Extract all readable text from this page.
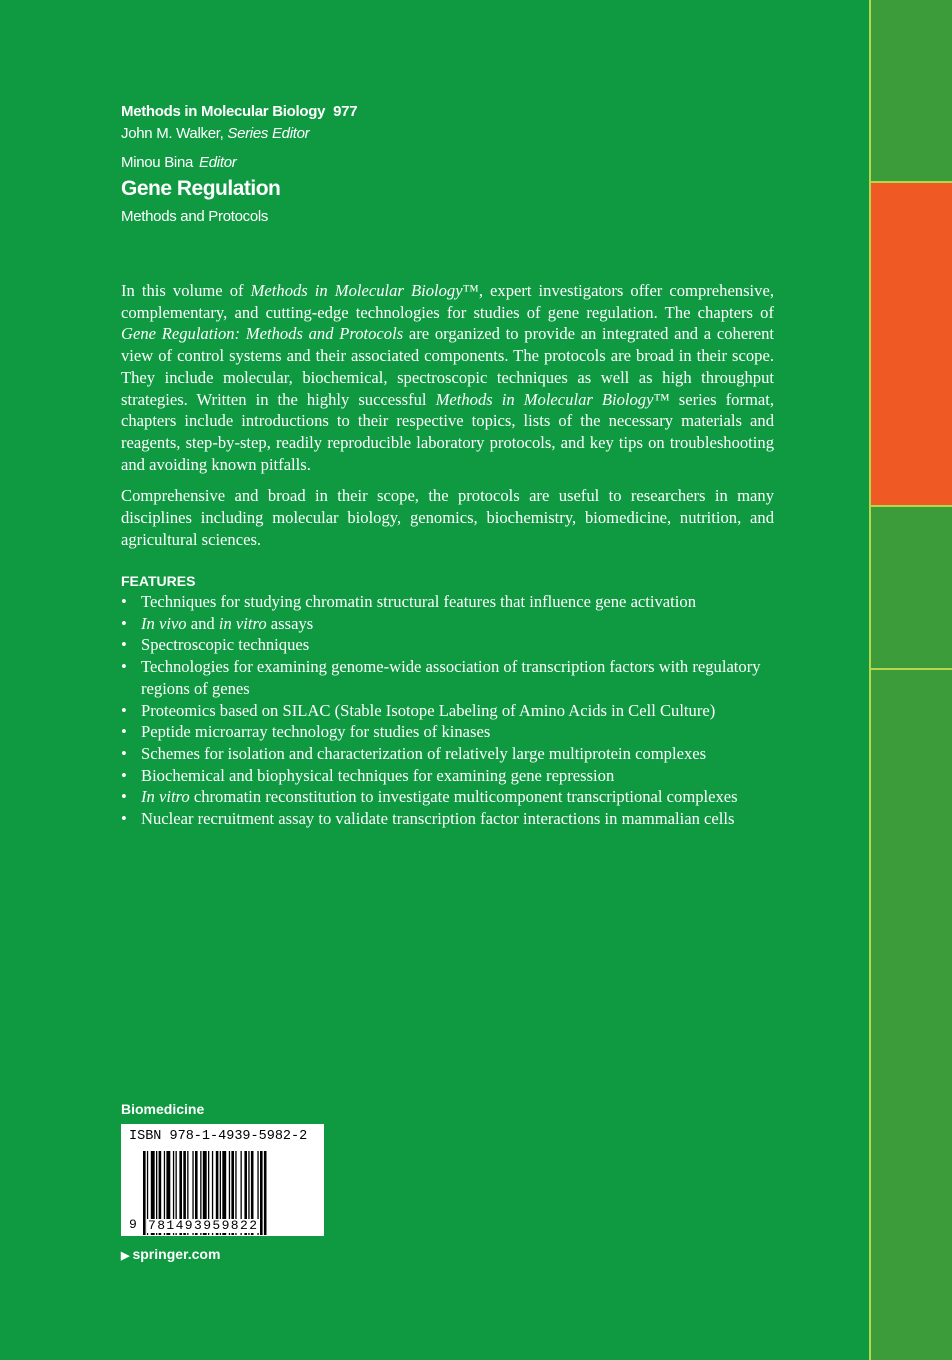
Methods in Molecular Biology 977
John M. Walker, Series Editor
Minou Bina Editor
Gene Regulation
Methods and Protocols

In this volume of Methods in Molecular Biology™, expert investigators offer comprehensive, complementary, and cutting-edge technologies for studies of gene regulation. The chapters of Gene Regulation: Methods and Protocols are organized to provide an integrated and a coherent view of control systems and their associated components. The protocols are broad in their scope. They include molecular, biochemical, spectroscopic techniques as well as high throughput strategies. Written in the highly successful Methods in Molecular Biology™ series format, chapters include introductions to their respective topics, lists of the necessary materials and reagents, step-by-step, readily reproducible laboratory protocols, and key tips on troubleshooting and avoiding known pitfalls.

Comprehensive and broad in their scope, the protocols are useful to researchers in many disciplines including molecular biology, genomics, biochemistry, biomedicine, nutrition, and agricultural sciences.

FEATURES
• Techniques for studying chromatin structural features that influence gene activation
• In vivo and in vitro assays
• Spectroscopic techniques
• Technologies for examining genome-wide association of transcription factors with regulatory regions of genes
• Proteomics based on SILAC (Stable Isotope Labeling of Amino Acids in Cell Culture)
• Peptide microarray technology for studies of kinases
• Schemes for isolation and characterization of relatively large multiprotein complexes
• Biochemical and biophysical techniques for examining gene repression
• In vitro chromatin reconstitution to investigate multicomponent transcriptional complexes
• Nuclear recruitment assay to validate transcription factor interactions in mammalian cells
Biomedicine
ISBN 978-1-4939-5982-2
9 781493959822
▶ springer.com
